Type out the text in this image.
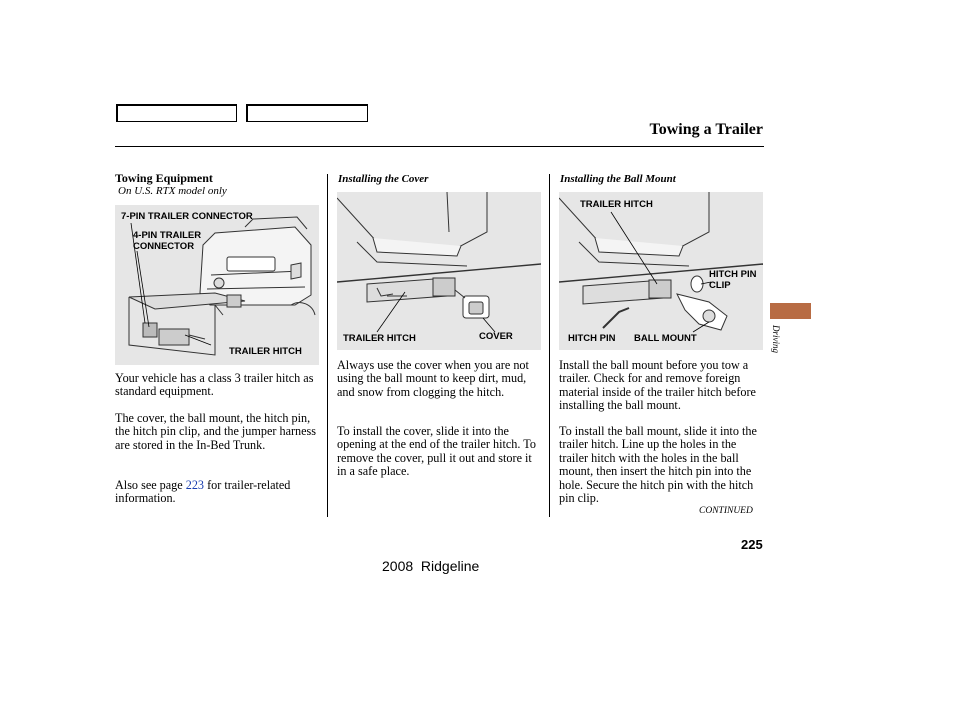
Towing a Trailer
Towing Equipment
On U.S. RTX model only
7-PIN TRAILER CONNECTOR
4-PIN TRAILER
CONNECTOR
TRAILER HITCH
Your vehicle has a class 3 trailer hitch as standard equipment.
The cover, the ball mount, the hitch pin, the hitch pin clip, and the jumper harness are stored in the In-Bed Trunk.
Also see page 223 for trailer-related information.
Installing the Cover
TRAILER HITCH	COVER
Always use the cover when you are not using the ball mount to keep dirt, mud, and snow from clogging the hitch.
To install the cover, slide it into the opening at the end of the trailer hitch. To remove the cover, pull it out and store it in a safe place.
Installing the Ball Mount
TRAILER HITCH
HITCH PIN
CLIP
HITCH PIN BALL MOUNT
Install the ball mount before you tow a trailer. Check for and remove foreign material inside of the trailer hitch before installing the ball mount.
To install the ball mount, slide it into the trailer hitch. Line up the holes in the trailer hitch with the holes in the ball mount, then insert the hitch pin into the hole. Secure the hitch pin with the hitch pin clip.
CONTINUED
Driving
225
2008  Ridgeline
